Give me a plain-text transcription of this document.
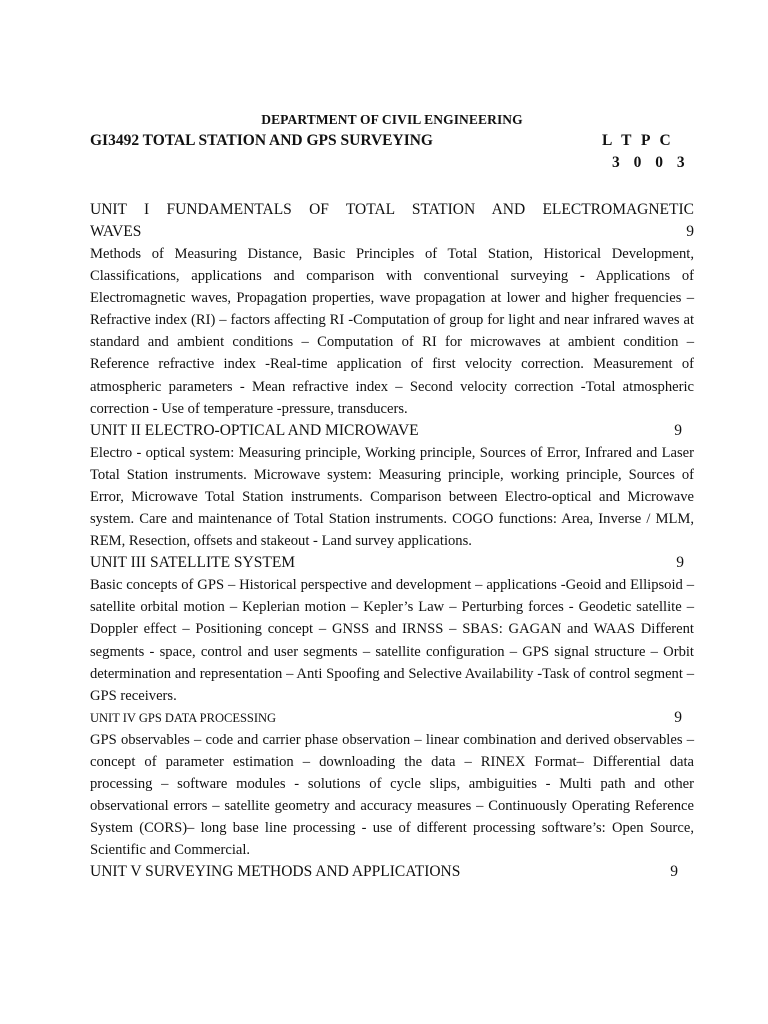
DEPARTMENT OF CIVIL ENGINEERING
GI3492 TOTAL STATION AND GPS SURVEYING	L T P C
3 0 0 3
UNIT I FUNDAMENTALS OF TOTAL STATION AND ELECTROMAGNETIC
WAVES	9

Methods of Measuring Distance, Basic Principles of Total Station, Historical Development, Classifications, applications and comparison with conventional surveying - Applications of Electromagnetic waves, Propagation properties, wave propagation at lower and higher frequencies – Refractive index (RI) – factors affecting RI -Computation of group for light and near infrared waves at standard and ambient conditions – Computation of RI for microwaves at ambient condition – Reference refractive index -Real-time application of first velocity correction. Measurement of atmospheric parameters - Mean refractive index – Second velocity correction -Total atmospheric correction - Use of temperature -pressure, transducers.

UNIT II ELECTRO-OPTICAL AND MICROWAVE	9

Electro - optical system: Measuring principle, Working principle, Sources of Error, Infrared and Laser Total Station instruments. Microwave system: Measuring principle, working principle, Sources of Error, Microwave Total Station instruments. Comparison between Electro-optical and Microwave system. Care and maintenance of Total Station instruments. COGO functions: Area, Inverse / MLM, REM, Resection, offsets and stakeout - Land survey applications.

UNIT III SATELLITE SYSTEM	9

Basic concepts of GPS – Historical perspective and development – applications -Geoid and Ellipsoid – satellite orbital motion – Keplerian motion – Kepler’s Law – Perturbing forces - Geodetic satellite – Doppler effect – Positioning concept – GNSS and IRNSS – SBAS: GAGAN and WAAS Different segments - space, control and user segments – satellite configuration – GPS signal structure – Orbit determination and representation – Anti Spoofing and Selective Availability -Task of control segment – GPS receivers.

UNIT IV GPS DATA PROCESSING	9

GPS observables – code and carrier phase observation – linear combination and derived observables – concept of parameter estimation – downloading the data – RINEX Format– Differential data processing – software modules - solutions of cycle slips, ambiguities - Multi path and other observational errors – satellite geometry and accuracy measures – Continuously Operating Reference System (CORS)– long base line processing - use of different processing software’s: Open Source, Scientific and Commercial.

UNIT V SURVEYING METHODS AND APPLICATIONS	9
